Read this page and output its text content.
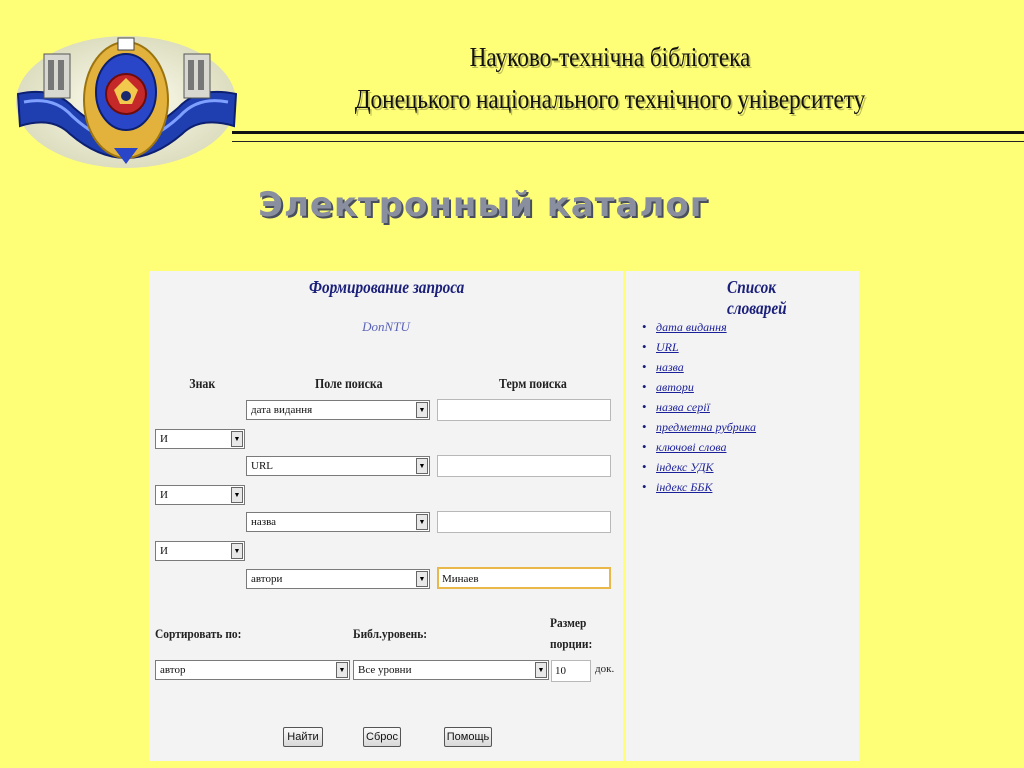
Науково-технічна бібліотека
Донецького національного технічного університету
Электронный каталог
Формирование запроса
DonNTU
Знак	Поле поиска	Терм поиска
дата видання	▼
И	▼
URL	▼
И	▼
назва	▼
И	▼
автори	▼	Минаев
Сортировать по:	Библ.уровень:
Размер
порции:
автор	▼	Все уровни	▼ 10	док.
Найти	Сброс	Помощь
Список словарей
• дата видання
• URL
• назва
• автори
• назва серії
• предметна рубрика
• ключові слова
• індекс УДК
• індекс ББК
